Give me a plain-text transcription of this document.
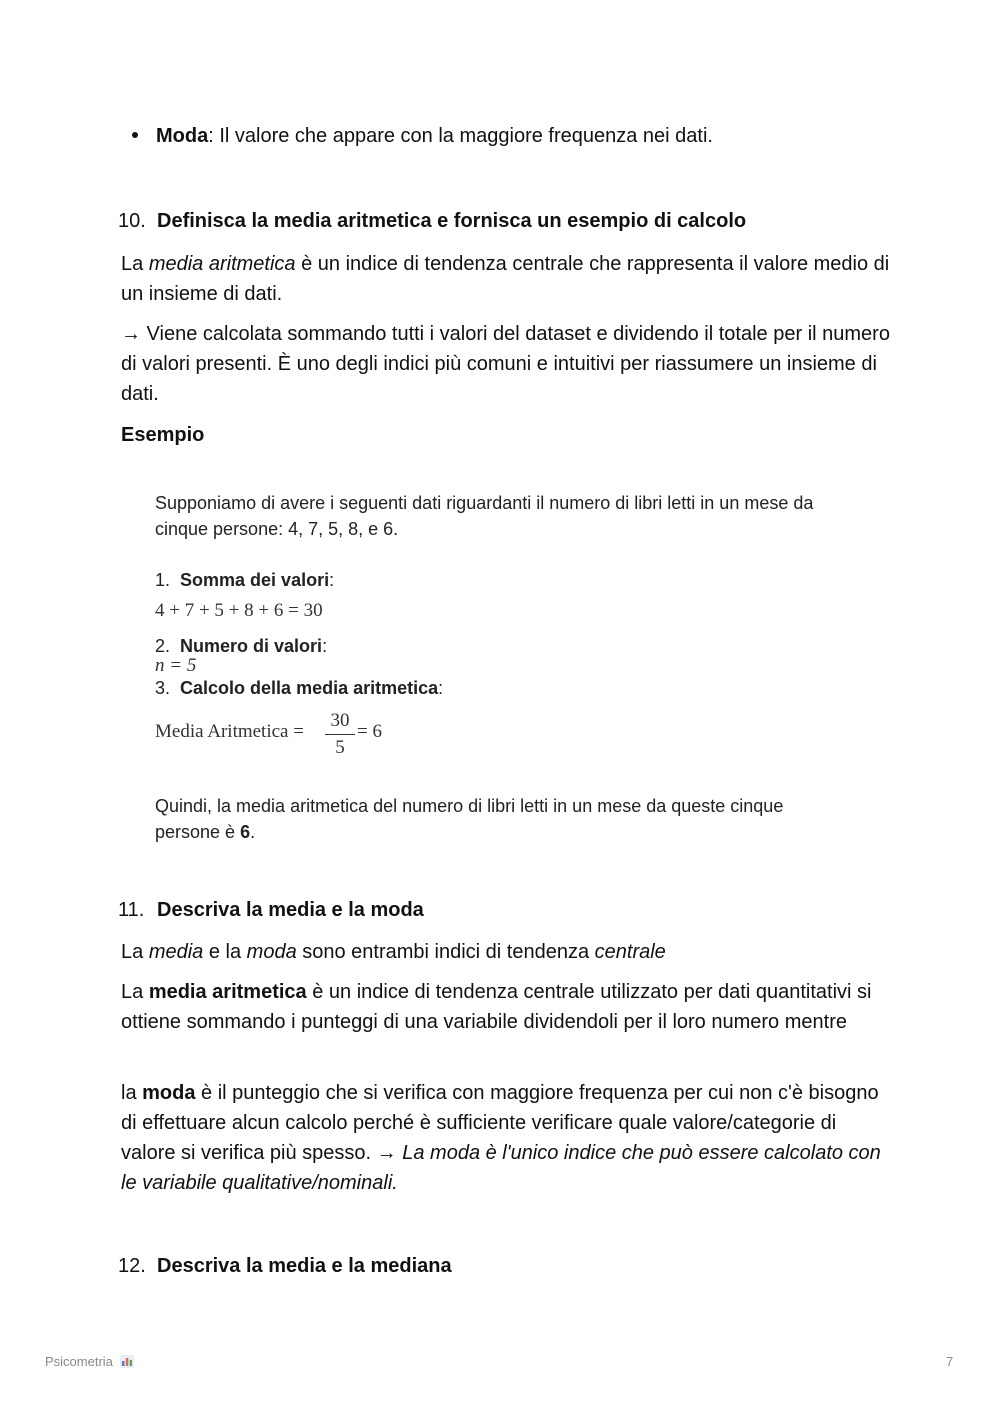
Moda: Il valore che appare con la maggiore frequenza nei dati.
10. Definisca la media aritmetica e fornisca un esempio di calcolo

La media aritmetica è un indice di tendenza centrale che rappresenta il valore medio di un insieme di dati.

→ Viene calcolata sommando tutti i valori del dataset e dividendo il totale per il numero di valori presenti. È uno degli indici più comuni e intuitivi per riassumere un insieme di dati.

Esempio
Supponiamo di avere i seguenti dati riguardanti il numero di libri letti in un mese da
cinque persone: 4, 7, 5, 8, e 6.
1. Somma dei valori:
4 + 7 + 5 + 8 + 6 = 30
2. Numero di valori:
n = 5
3. Calcolo della media aritmetica:
Media Aritmetica =
30
5
= 6
Quindi, la media aritmetica del numero di libri letti in un mese da queste cinque
persone è 6.
11. Descriva la media e la moda

La media e la moda sono entrambi indici di tendenza centrale

La media aritmetica è un indice di tendenza centrale utilizzato per dati quantitativi si ottiene sommando i punteggi di una variabile dividendoli per il loro numero mentre

la moda è il punteggio che si verifica con maggiore frequenza per cui non c'è bisogno di effettuare alcun calcolo perché è sufficiente verificare quale valore/categorie di valore si verifica più spesso. → La moda è l'unico indice che può essere calcolato con le variabile qualitative/nominali.

12. Descriva la media e la mediana
Psicometria	7
